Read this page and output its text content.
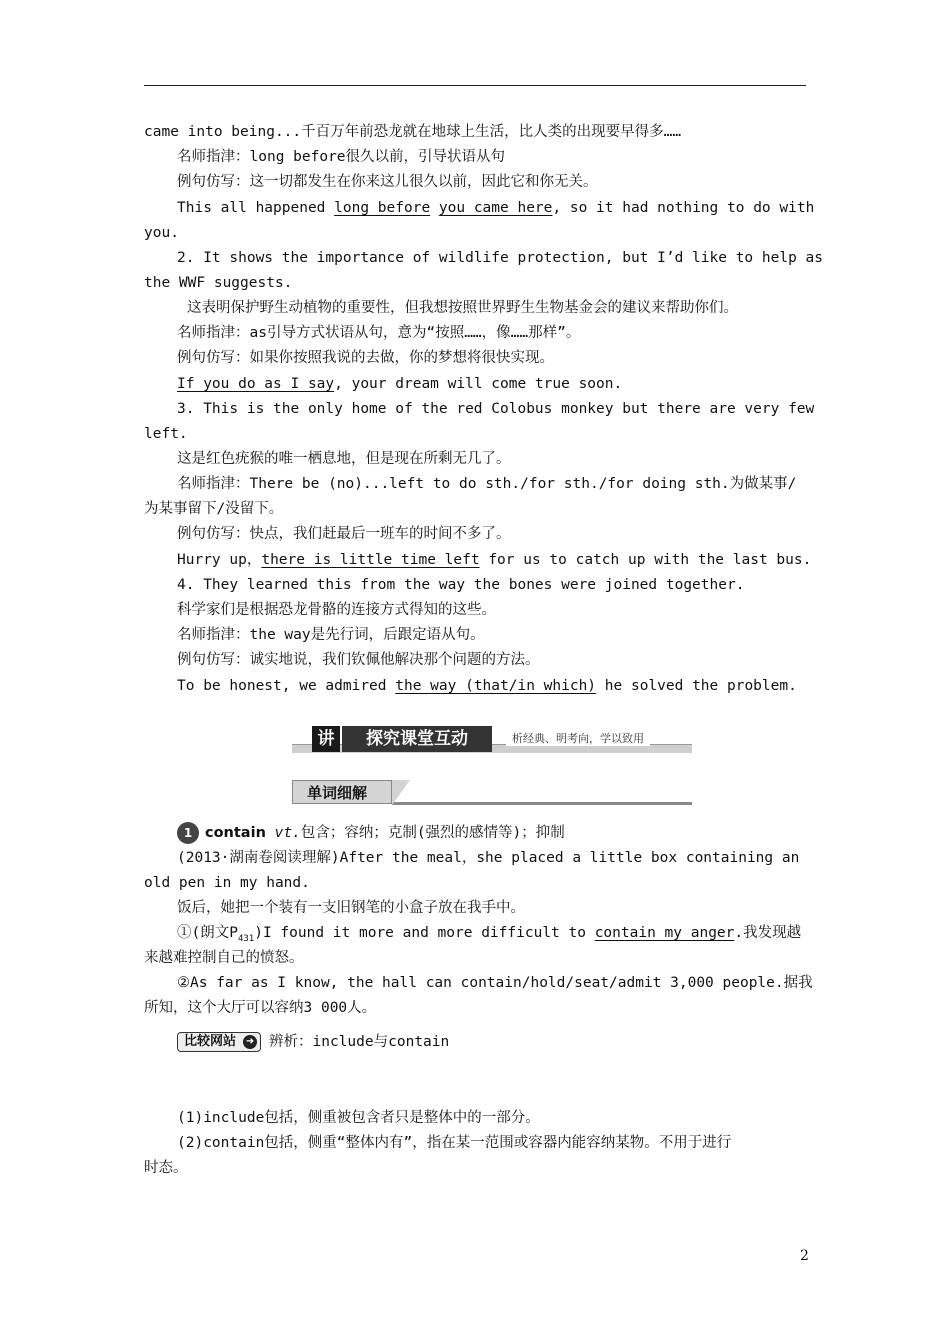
came into being...千百万年前恐龙就在地球上生活，比人类的出现要早得多……
名师指津：long before很久以前，引导状语从句
例句仿写：这一切都发生在你来这儿很久以前，因此它和你无关。
This all happened long before you came here, so it had nothing to do with
you.
2. It shows the importance of wildlife protection, but I’d like to help as
the WWF suggests.
这表明保护野生动植物的重要性，但我想按照世界野生生物基金会的建议来帮助你们。
名师指津：as引导方式状语从句，意为“按照……，像……那样”。
例句仿写：如果你按照我说的去做，你的梦想将很快实现。
If you do as I say, your dream will come true soon.
3. This is the only home of the red Colobus monkey but there are very few
left.
这是红色疣猴的唯一栖息地，但是现在所剩无几了。
名师指津：There be (no)...left to do sth./for sth./for doing sth.为做某事/
为某事留下/没留下。
例句仿写：快点，我们赶最后一班车的时间不多了。
Hurry up，there is little time left for us to catch up with the last bus.
4. They learned this from the way the bones were joined together.
科学家们是根据恐龙骨骼的连接方式得知的这些。
名师指津：the way是先行词，后跟定语从句。
例句仿写：诚实地说，我们钦佩他解决那个问题的方法。
To be honest, we admired the way (that/in which) he solved the problem.
讲	探究课堂互动	析经典、明考向，学以致用
单词细解
1 contain vt.包含；容纳；克制(强烈的感情等)；抑制
(2013·湖南卷阅读理解)After the meal，she placed a little box containing an
old pen in my hand.
饭后，她把一个装有一支旧钢笔的小盒子放在我手中。
①(朗文$P_{431})I$ found it more and more difficult to contain my anger.我发现越
来越难控制自己的愤怒。
②As far as I know, the hall can contain/hold/seat/admit 3,000 people.据我
所知，这个大厅可以容纳3 000人。
比较网站 ➜ 辨析：include与contain
(1)include包括，侧重被包含者只是整体中的一部分。
(2)contain包括，侧重“整体内有”，指在某一范围或容器内能容纳某物。不用于进行
时态。
2
